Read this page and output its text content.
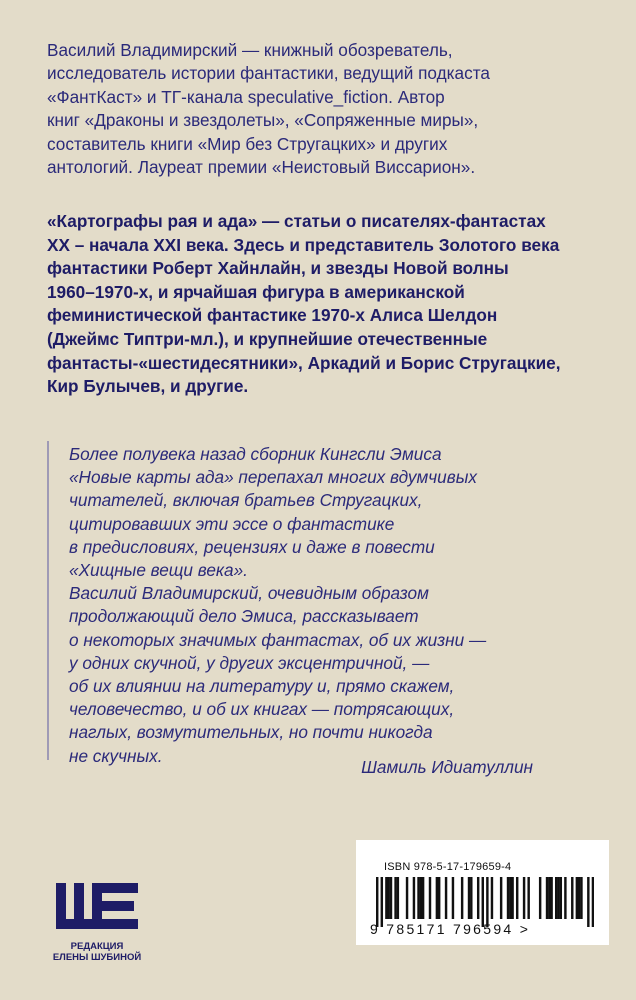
Василий Владимирский — книжный обозреватель,
исследователь истории фантастики, ведущий подкаста
«ФантКаст» и ТГ-канала speculative_fiction. Автор
книг «Драконы и звездолеты», «Сопряженные миры»,
составитель книги «Мир без Стругацких» и других
антологий. Лауреат премии «Неистовый Виссарион».

«Картографы рая и ада» — статьи о писателях-фантастах
XX – начала XXI века. Здесь и представитель Золотого века
фантастики Роберт Хайнлайн, и звезды Новой волны
1960–1970-х, и ярчайшая фигура в американской
феминистической фантастике 1970-х Алиса Шелдон
(Джеймс Типтри-мл.), и крупнейшие отечественные
фантасты-«шестидесятники», Аркадий и Борис Стругацкие,
Кир Булычев, и другие.

Более полувека назад сборник Кингсли Эмиса
«Новые карты ада» перепахал многих вдумчивых
читателей, включая братьев Стругацких,
цитировавших эти эссе о фантастике
в предисловиях, рецензиях и даже в повести
«Хищные вещи века».
Василий Владимирский, очевидным образом
продолжающий дело Эмиса, рассказывает
о некоторых значимых фантастах, об их жизни —
у одних скучной, у других эксцентричной, —
об их влиянии на литературу и, прямо скажем,
человечество, и об их книгах — потрясающих,
наглых, возмутительных, но почти никогда
не скучных.

Шамиль Идиатуллин
РЕДАКЦИЯ
ЕЛЕНЫ ШУБИНОЙ
ISBN 978-5-17-179659-4
9 785171 796594 >
